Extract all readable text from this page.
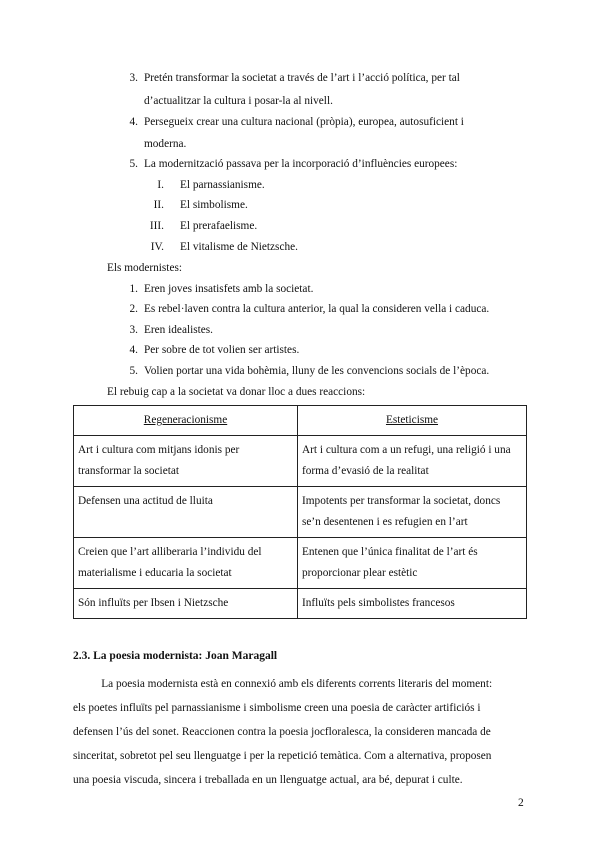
3. Pretén transformar la societat a través de l’art i l’acció política, per tal
d’actualitzar la cultura i posar-la al nivell.
4. Persegueix crear una cultura nacional (pròpia), europea, autosuficient i
moderna.
5. La modernització passava per la incorporació d’influències europees:
I. El parnassianisme.
II. El simbolisme.
III. El prerafaelisme.
IV. El vitalisme de Nietzsche.
Els modernistes:
1. Eren joves insatisfets amb la societat.
2. Es rebel·laven contra la cultura anterior, la qual la consideren vella i caduca.
3. Eren idealistes.
4. Per sobre de tot volien ser artistes.
5. Volien portar una vida bohèmia, lluny de les convencions socials de l’època.
El rebuig cap a la societat va donar lloc a dues reaccions:
Regeneracionisme	Esteticisme
Art i cultura com mitjans idonis per
transformar la societat	Art i cultura com a un refugi, una religió i una
forma d’evasió de la realitat
Defensen una actitud de lluita	Impotents per transformar la societat, doncs
se’n desentenen i es refugien en l’art
Creien que l’art alliberaria l’individu del
materialisme i educaria la societat	Entenen que l’única finalitat de l’art és
proporcionar plear estètic
Són influïts per Ibsen i Nietzsche	Influïts pels simbolistes francesos
2.3. La poesia modernista: Joan Maragall
La poesia modernista està en connexió amb els diferents corrents literaris del moment:
els poetes influïts pel parnassianisme i simbolisme creen una poesia de caràcter artificiós i
defensen l’ús del sonet. Reaccionen contra la poesia jocfloralesca, la consideren mancada de
sinceritat, sobretot pel seu llenguatge i per la repetició temàtica. Com a alternativa, proposen
una poesia viscuda, sincera i treballada en un llenguatge actual, ara bé, depurat i culte.
2
